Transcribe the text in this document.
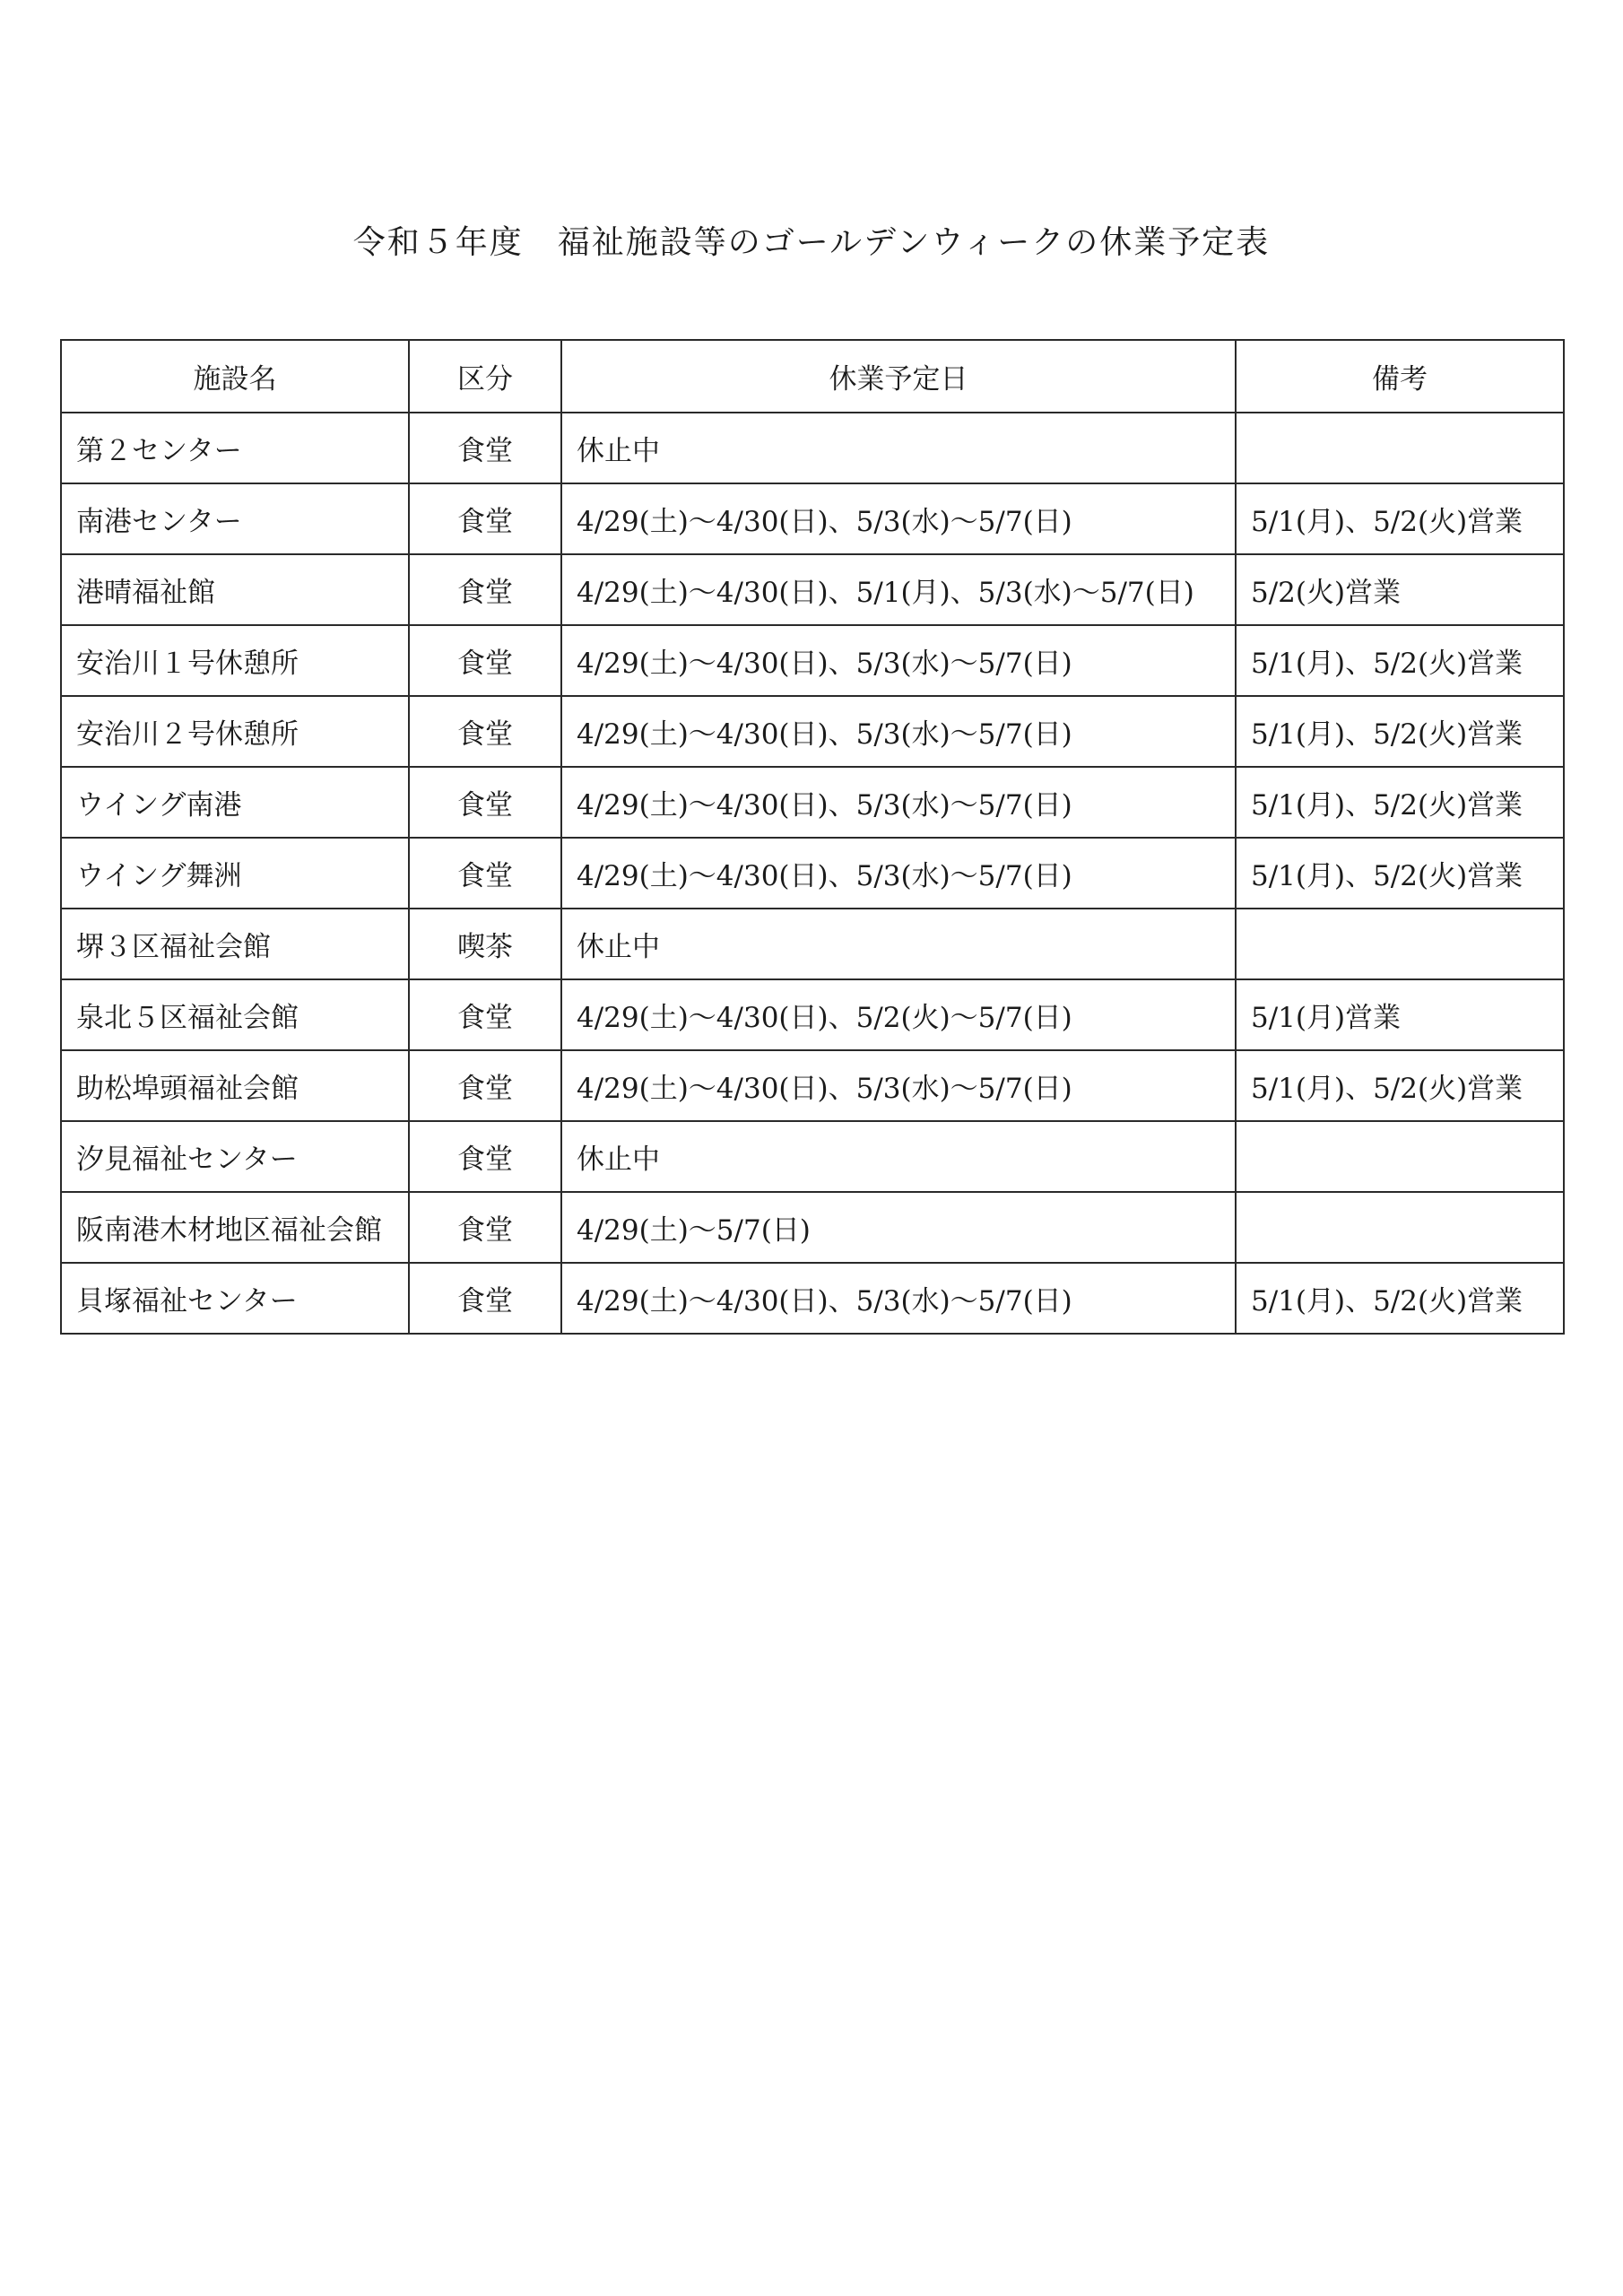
令和５年度　福祉施設等のゴールデンウィークの休業予定表
施設名	区分	休業予定日	備考
第２センター	食堂	休止中	
南港センター	食堂	4/29(土)～4/30(日)、5/3(水)～5/7(日)	5/1(月)、5/2(火)営業
港晴福祉館	食堂	4/29(土)～4/30(日)、5/1(月)、5/3(水)～5/7(日)	5/2(火)営業
安治川１号休憩所	食堂	4/29(土)～4/30(日)、5/3(水)～5/7(日)	5/1(月)、5/2(火)営業
安治川２号休憩所	食堂	4/29(土)～4/30(日)、5/3(水)～5/7(日)	5/1(月)、5/2(火)営業
ウイング南港	食堂	4/29(土)～4/30(日)、5/3(水)～5/7(日)	5/1(月)、5/2(火)営業
ウイング舞洲	食堂	4/29(土)～4/30(日)、5/3(水)～5/7(日)	5/1(月)、5/2(火)営業
堺３区福祉会館	喫茶	休止中	
泉北５区福祉会館	食堂	4/29(土)～4/30(日)、5/2(火)～5/7(日)	5/1(月)営業
助松埠頭福祉会館	食堂	4/29(土)～4/30(日)、5/3(水)～5/7(日)	5/1(月)、5/2(火)営業
汐見福祉センター	食堂	休止中	
阪南港木材地区福祉会館	食堂	4/29(土)～5/7(日)	
貝塚福祉センター	食堂	4/29(土)～4/30(日)、5/3(水)～5/7(日)	5/1(月)、5/2(火)営業
